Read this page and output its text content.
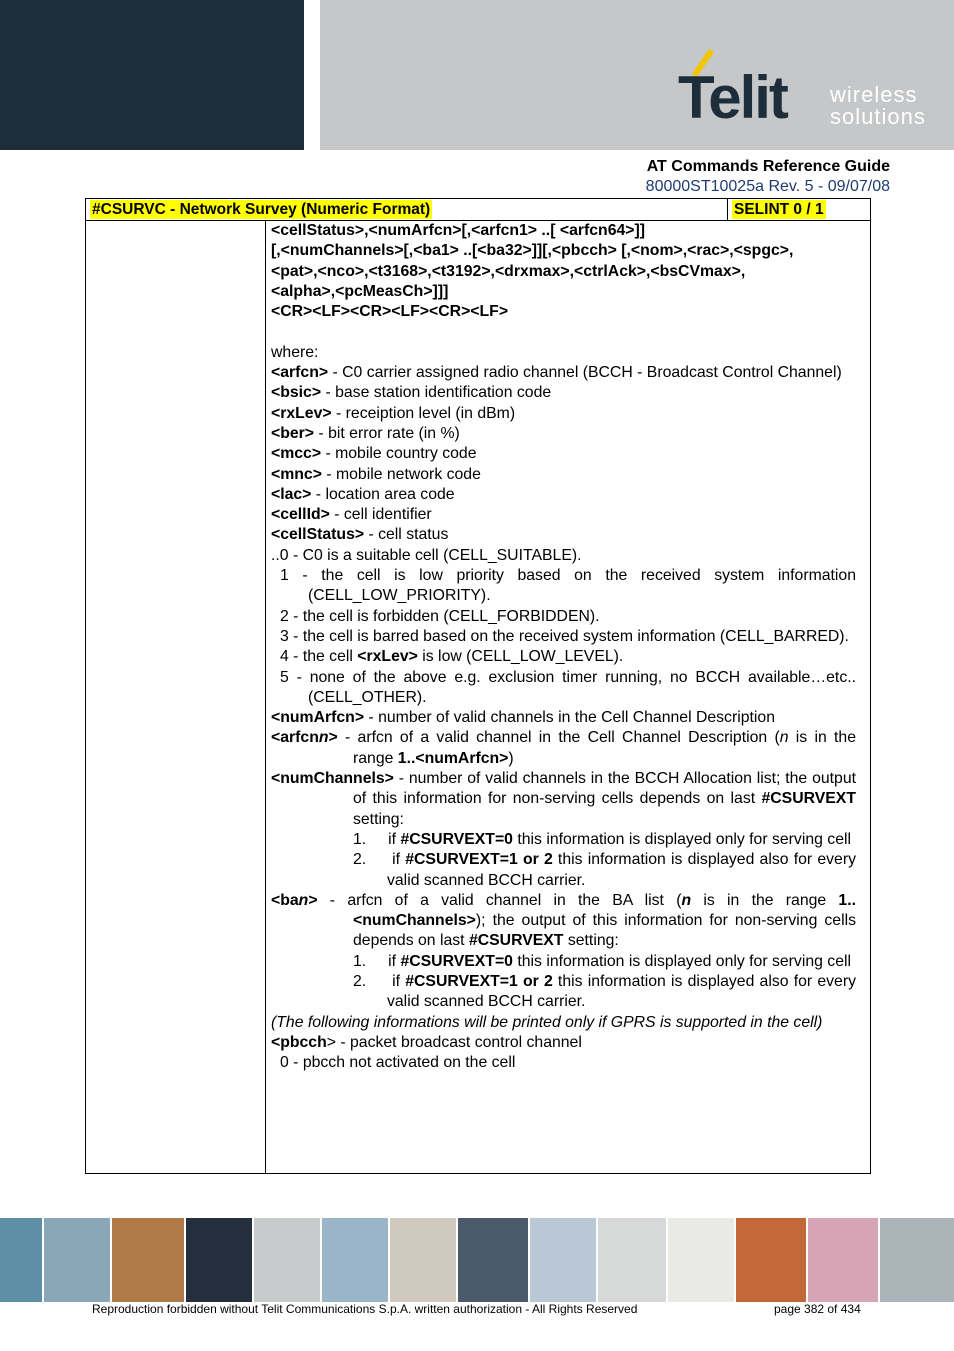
Telit wireless
solutions
AT Commands Reference Guide
80000ST10025a Rev. 5 - 09/07/08
#CSURVC - Network Survey (Numeric Format)	SELINT 0 / 1

<cellStatus>,<numArfcn>[,<arfcn1> ..[ <arfcn64>]]

[,<numChannels>[,<ba1> ..[<ba32>]][,<pbcch> [,<nom>,<rac>,<spgc>,

<pat>,<nco>,<t3168>,<t3192>,<drxmax>,<ctrlAck>,<bsCVmax>,

<alpha>,<pcMeasCh>]]]

<CR><LF><CR><LF><CR><LF>

where:

<arfcn> - C0 carrier assigned radio channel (BCCH - Broadcast Control Channel)

<bsic> - base station identification code

<rxLev> - receiption level (in dBm)

<ber> - bit error rate (in %)

<mcc> - mobile country code

<mnc> - mobile network code

<lac> - location area code

<cellId> - cell identifier

<cellStatus> - cell status

..0 - C0 is a suitable cell (CELL_SUITABLE).

1 - the cell is low priority based on the received system information (CELL_LOW_PRIORITY).

2 - the cell is forbidden (CELL_FORBIDDEN).

3 - the cell is barred based on the received system information (CELL_BARRED).

4 - the cell <rxLev> is low (CELL_LOW_LEVEL).

5 - none of the above e.g. exclusion timer running, no BCCH available…etc.. (CELL_OTHER).

<numArfcn> - number of valid channels in the Cell Channel Description

<arfcnn> - arfcn of a valid channel in the Cell Channel Description (n is in the range 1..<numArfcn>)

<numChannels> - number of valid channels in the BCCH Allocation list; the output of this information for non-serving cells depends on last #CSURVEXT setting:

1. if #CSURVEXT=0 this information is displayed only for serving cell

2. if #CSURVEXT=1 or 2 this information is displayed also for every valid scanned BCCH carrier.

<ban> - arfcn of a valid channel in the BA list (n is in the range 1..<numChannels>); the output of this information for non-serving cells depends on last #CSURVEXT setting:

1. if #CSURVEXT=0 this information is displayed only for serving cell

2. if #CSURVEXT=1 or 2 this information is displayed also for every valid scanned BCCH carrier.

(The following informations will be printed only if GPRS is supported in the cell)

<pbcch> - packet broadcast control channel

0 - pbcch not activated on the cell

Reproduction forbidden without Telit Communications S.p.A. written authorization - All Rights Reserved	page 382 of 434
